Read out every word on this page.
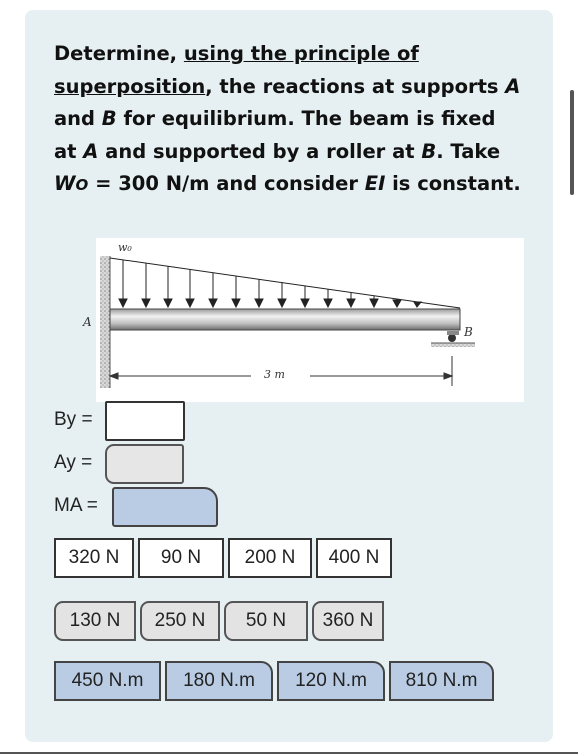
Determine, using the principle of superposition, the reactions at supports A and B for equilibrium. The beam is fixed at A and supported by a roller at B. Take WO = 300 N/m and consider EI is constant.
w₀
A
B
3 m
By =
Ay =
MA =
320 N	90 N	200 N	400 N
130 N	250 N	50 N	360 N
450 N.m	180 N.m	120 N.m	810 N.m
